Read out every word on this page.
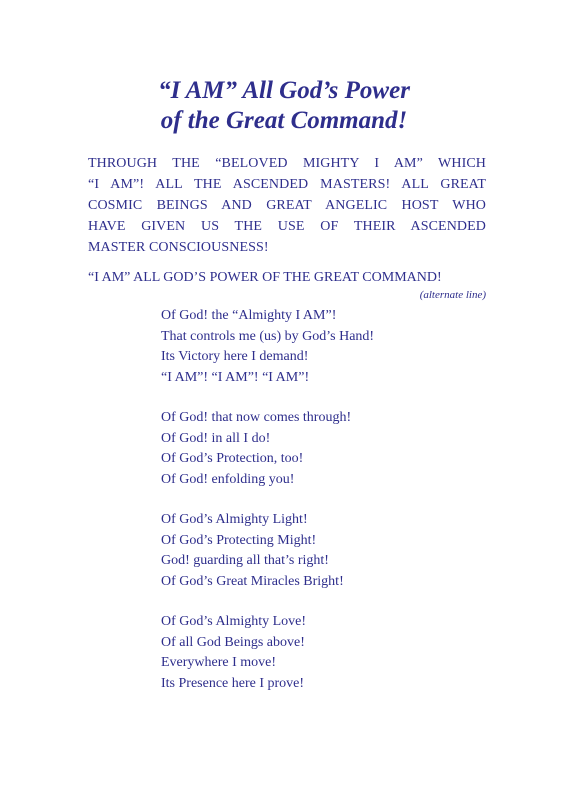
“I AM” All God’s Power
of the Great Command!
THROUGH THE “BELOVED MIGHTY I AM” WHICH
“I AM”! ALL THE ASCENDED MASTERS! ALL GREAT
COSMIC BEINGS AND GREAT ANGELIC HOST WHO
HAVE GIVEN US THE USE OF THEIR ASCENDED
MASTER CONSCIOUSNESS!
“I AM” ALL GOD’S POWER OF THE GREAT COMMAND!
(alternate line)
Of God! the “Almighty I AM”!
That controls me (us) by God’s Hand!
Its Victory here I demand!
“I AM”! “I AM”! “I AM”!
Of God! that now comes through!
Of God! in all I do!
Of God’s Protection, too!
Of God! enfolding you!
Of God’s Almighty Light!
Of God’s Protecting Might!
God! guarding all that’s right!
Of God’s Great Miracles Bright!
Of God’s Almighty Love!
Of all God Beings above!
Everywhere I move!
Its Presence here I prove!
